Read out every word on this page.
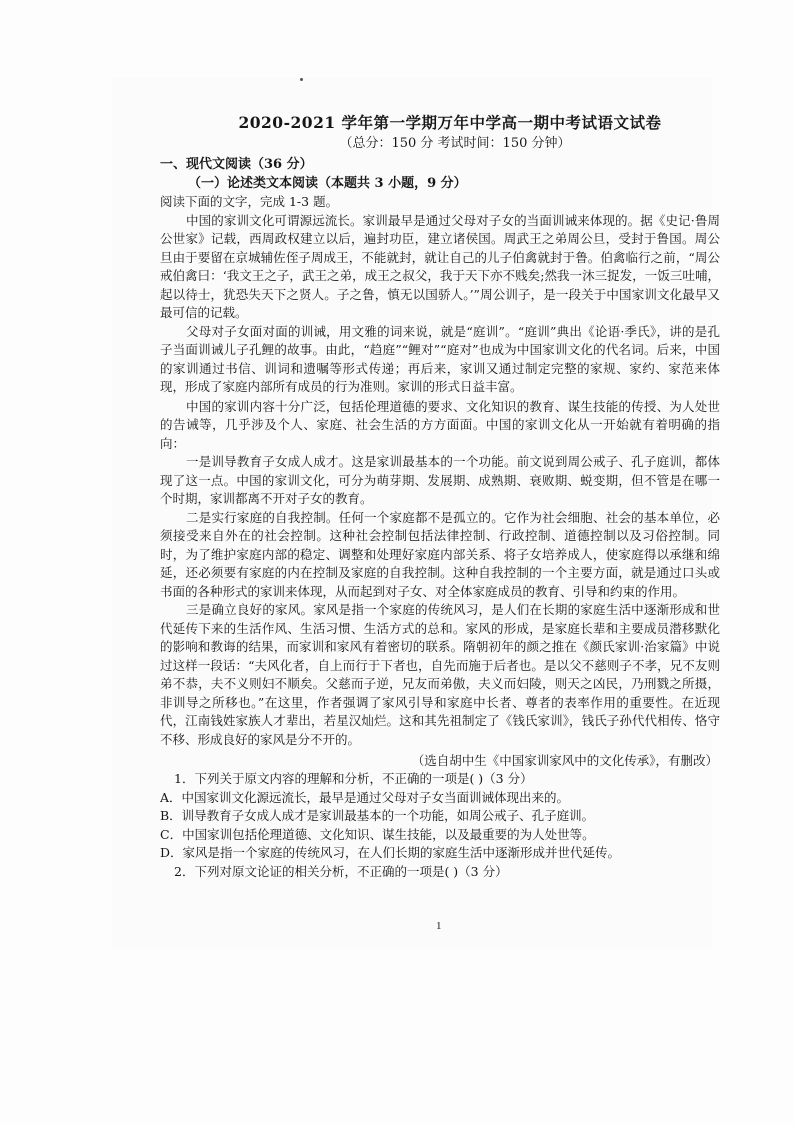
2020-2021 学年第一学期万年中学高一期中考试语文试卷
（总分：150 分 考试时间：150 分钟）
一、现代文阅读（36 分）
（一）论述类文本阅读（本题共 3 小题，9 分）
阅读下面的文字，完成 1-3 题。

中国的家训文化可谓源远流长。家训最早是通过父母对子女的当面训诫来体现的。据《史记·鲁周公世家》记载，西周政权建立以后，遍封功臣，建立诸侯国。周武王之弟周公旦，受封于鲁国。周公旦由于要留在京城辅佐侄子周成王，不能就封，就让自己的儿子伯禽就封于鲁。伯禽临行之前，“周公戒伯禽曰：‘我文王之子，武王之弟，成王之叔父，我于天下亦不贱矣;然我一沐三捉发，一饭三吐哺，起以待士，犹恐失天下之贤人。子之鲁，慎无以国骄人。’”周公训子，是一段关于中国家训文化最早又最可信的记载。

父母对子女面对面的训诫，用文雅的词来说，就是“庭训”。“庭训”典出《论语·季氏》，讲的是孔子当面训诫儿子孔鲤的故事。由此，“趋庭”“鲤对”“庭对”也成为中国家训文化的代名词。后来，中国的家训通过书信、训词和遗嘱等形式传递；再后来，家训又通过制定完整的家规、家约、家范来体现，形成了家庭内部所有成员的行为准则。家训的形式日益丰富。

中国的家训内容十分广泛，包括伦理道德的要求、文化知识的教育、谋生技能的传授、为人处世的告诫等，几乎涉及个人、家庭、社会生活的方方面面。中国的家训文化从一开始就有着明确的指向：

一是训导教育子女成人成才。这是家训最基本的一个功能。前文说到周公戒子、孔子庭训，都体现了这一点。中国的家训文化，可分为萌芽期、发展期、成熟期、衰败期、蜕变期，但不管是在哪一个时期，家训都离不开对子女的教育。

二是实行家庭的自我控制。任何一个家庭都不是孤立的。它作为社会细胞、社会的基本单位，必须接受来自外在的社会控制。这种社会控制包括法律控制、行政控制、道德控制以及习俗控制。同时，为了维护家庭内部的稳定、调整和处理好家庭内部关系、将子女培养成人，使家庭得以承继和绵延，还必须要有家庭的内在控制及家庭的自我控制。这种自我控制的一个主要方面，就是通过口头或书面的各种形式的家训来体现，从而起到对子女、对全体家庭成员的教育、引导和约束的作用。

三是确立良好的家风。家风是指一个家庭的传统风习，是人们在长期的家庭生活中逐渐形成和世代延传下来的生活作风、生活习惯、生活方式的总和。家风的形成，是家庭长辈和主要成员潜移默化的影响和教诲的结果，而家训和家风有着密切的联系。隋朝初年的颜之推在《颜氏家训·治家篇》中说过这样一段话：“夫风化者，自上而行于下者也，自先而施于后者也。是以父不慈则子不孝，兄不友则弟不恭，夫不义则妇不顺矣。父慈而子逆，兄友而弟傲，夫义而妇陵，则天之凶民，乃刑戮之所摄，非训导之所移也。”在这里，作者强调了家风引导和家庭中长者、尊者的表率作用的重要性。在近现代，江南钱姓家族人才辈出，若星汉灿烂。这和其先祖制定了《钱氏家训》，钱氏子孙代代相传、恪守不移、形成良好的家风是分不开的。

（选自胡中生《中国家训家风中的文化传承》，有删改）
1．下列关于原文内容的理解和分析，不正确的一项是( )（3 分）
A．中国家训文化源远流长，最早是通过父母对子女当面训诫体现出来的。
B．训导教育子女成人成才是家训最基本的一个功能，如周公戒子、孔子庭训。
C．中国家训包括伦理道德、文化知识、谋生技能，以及最重要的为人处世等。
D．家风是指一个家庭的传统风习，在人们长期的家庭生活中逐渐形成并世代延传。
2．下列对原文论证的相关分析，不正确的一项是( )（3 分）
1
